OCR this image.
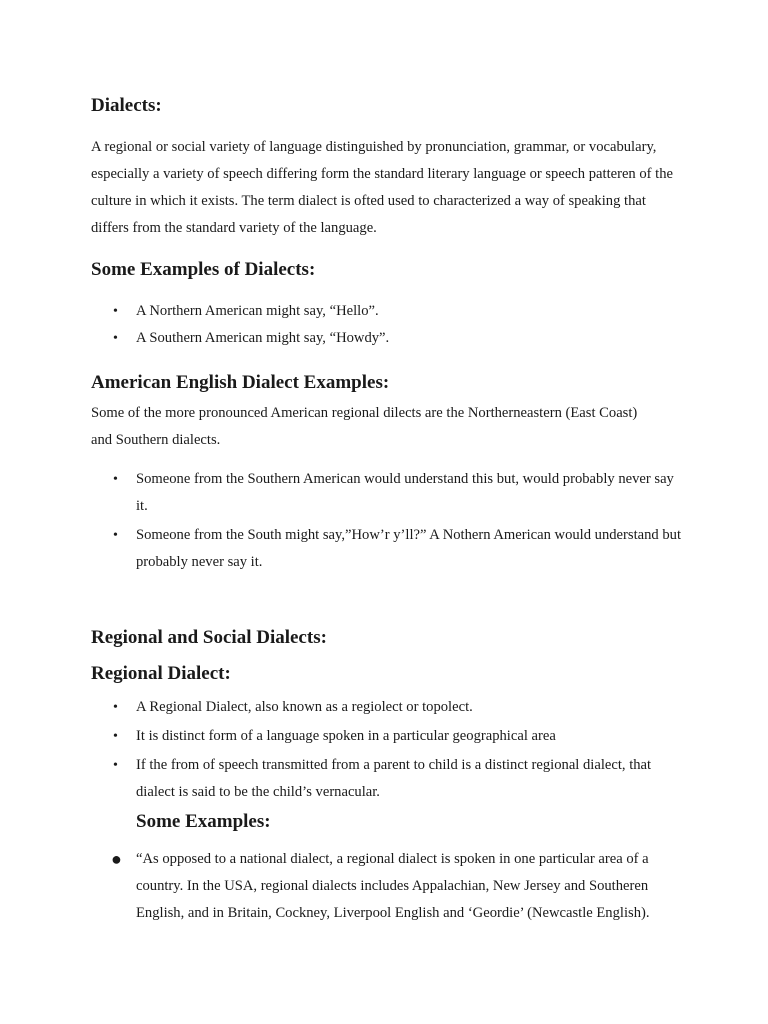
Dialects:

A regional or social variety of language distinguished by pronunciation, grammar, or vocabulary, especially a variety of speech differing form the standard literary language or speech patteren of the culture in which it exists. The term dialect is ofted used to characterized a way of speaking that differs from the standard variety of the language.

Some Examples of Dialects:
• A Northern American might say, “Hello”.
• A Southern American might say, “Howdy”.
American English Dialect Examples:

Some of the more pronounced American regional dilects are the Northerneastern (East Coast) and Southern dialects.

• Someone from the Southern American would understand this but, would probably never say it.
• Someone from the South might say,”How’r y’ll?” A Nothern American would understand but probably never say it.
Regional and Social Dialects:
Regional Dialect:
• A Regional Dialect, also known as a regiolect or topolect.
• It is distinct form of a language spoken in a particular geographical area
• If the from of speech transmitted from a parent to child is a distinct regional dialect, that dialect is said to be the child’s vernacular.
Some Examples:
● “As opposed to a national dialect, a regional dialect is spoken in one particular area of a country. In the USA, regional dialects includes Appalachian, New Jersey and Southeren English, and in Britain, Cockney, Liverpool English and ‘Geordie’ (Newcastle English).
